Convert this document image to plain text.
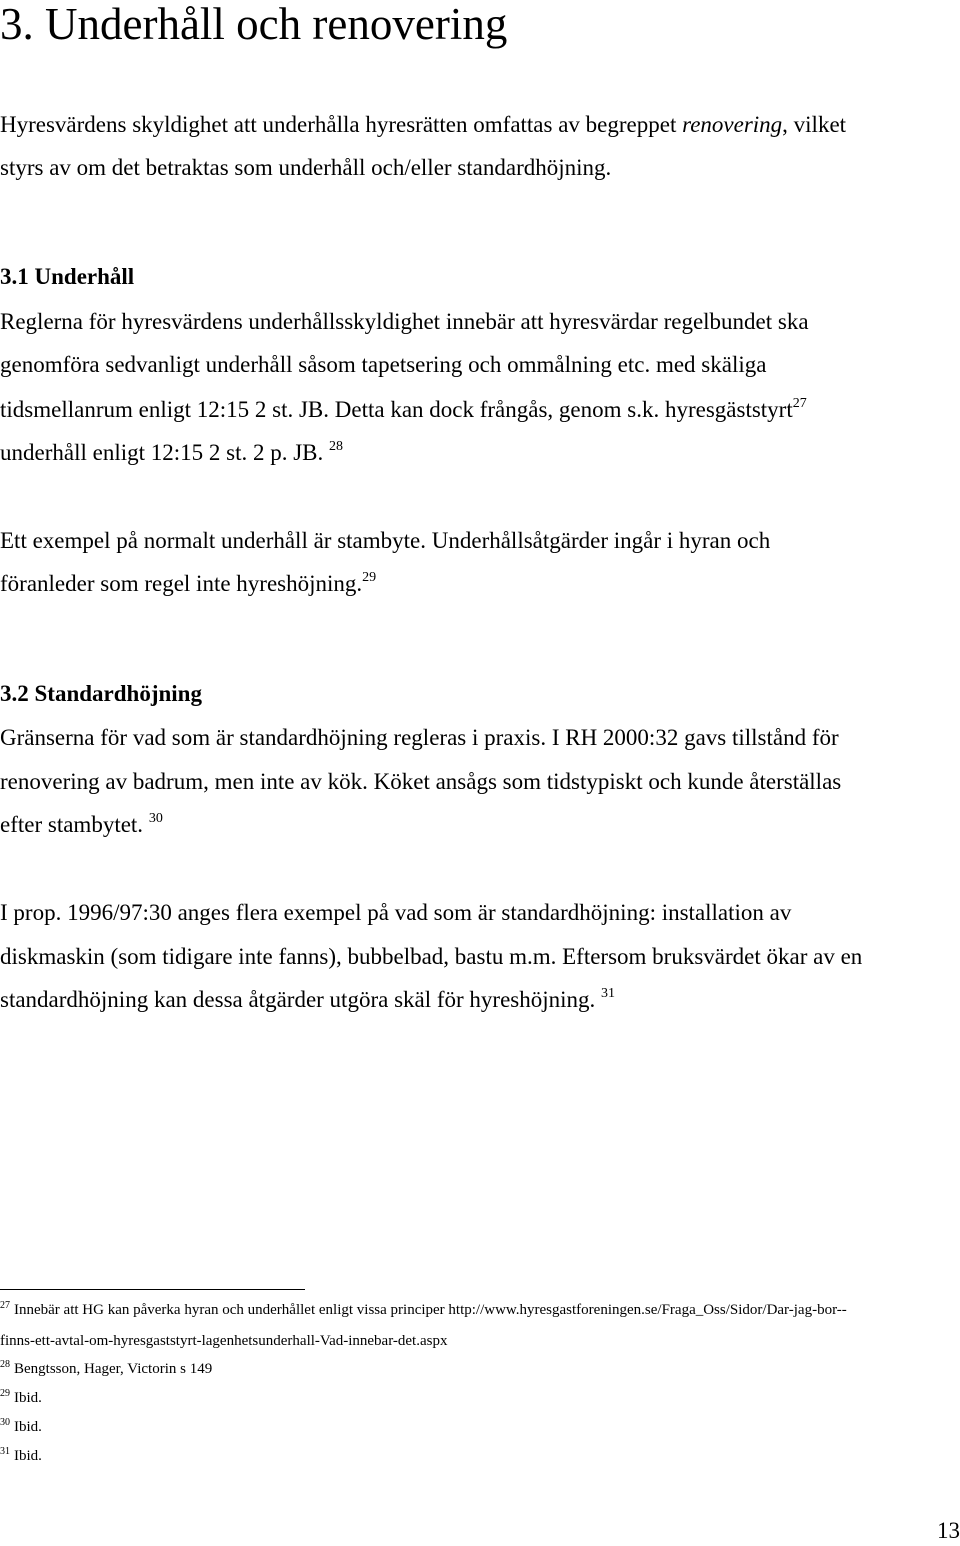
3. Underhåll och renovering
Hyresvärdens skyldighet att underhålla hyresrätten omfattas av begreppet renovering, vilket
styrs av om det betraktas som underhåll och/eller standardhöjning.
3.1 Underhåll
Reglerna för hyresvärdens underhållsskyldighet innebär att hyresvärdar regelbundet ska
genomföra sedvanligt underhåll såsom tapetsering och ommålning etc. med skäliga
tidsmellanrum enligt 12:15 2 st. JB. Detta kan dock frångås, genom s.k. hyresgäststyrt$^{27}$
underhåll enligt 12:15 2 st. 2 p. JB. $^{28}$
Ett exempel på normalt underhåll är stambyte. Underhållsåtgärder ingår i hyran och
föranleder som regel inte hyreshöjning.$^{29}$
3.2 Standardhöjning
Gränserna för vad som är standardhöjning regleras i praxis. I RH 2000:32 gavs tillstånd för
renovering av badrum, men inte av kök. Köket ansågs som tidstypiskt och kunde återställas
efter stambytet. $^{30}$
I prop. 1996/97:30 anges flera exempel på vad som är standardhöjning: installation av
diskmaskin (som tidigare inte fanns), bubbelbad, bastu m.m. Eftersom bruksvärdet ökar av en
standardhöjning kan dessa åtgärder utgöra skäl för hyreshöjning. $^{31}$
$^{27}$ Innebär att HG kan påverka hyran och underhållet enligt vissa principer http://www.hyresgastforeningen.se/Fraga_Oss/Sidor/Dar-jag-bor--
finns-ett-avtal-om-hyresgaststyrt-lagenhetsunderhall-Vad-innebar-det.aspx
$^{28}$ Bengtsson, Hager, Victorin s 149
$^{29}$ Ibid.
$^{30}$ Ibid.
$^{31}$ Ibid.
13
